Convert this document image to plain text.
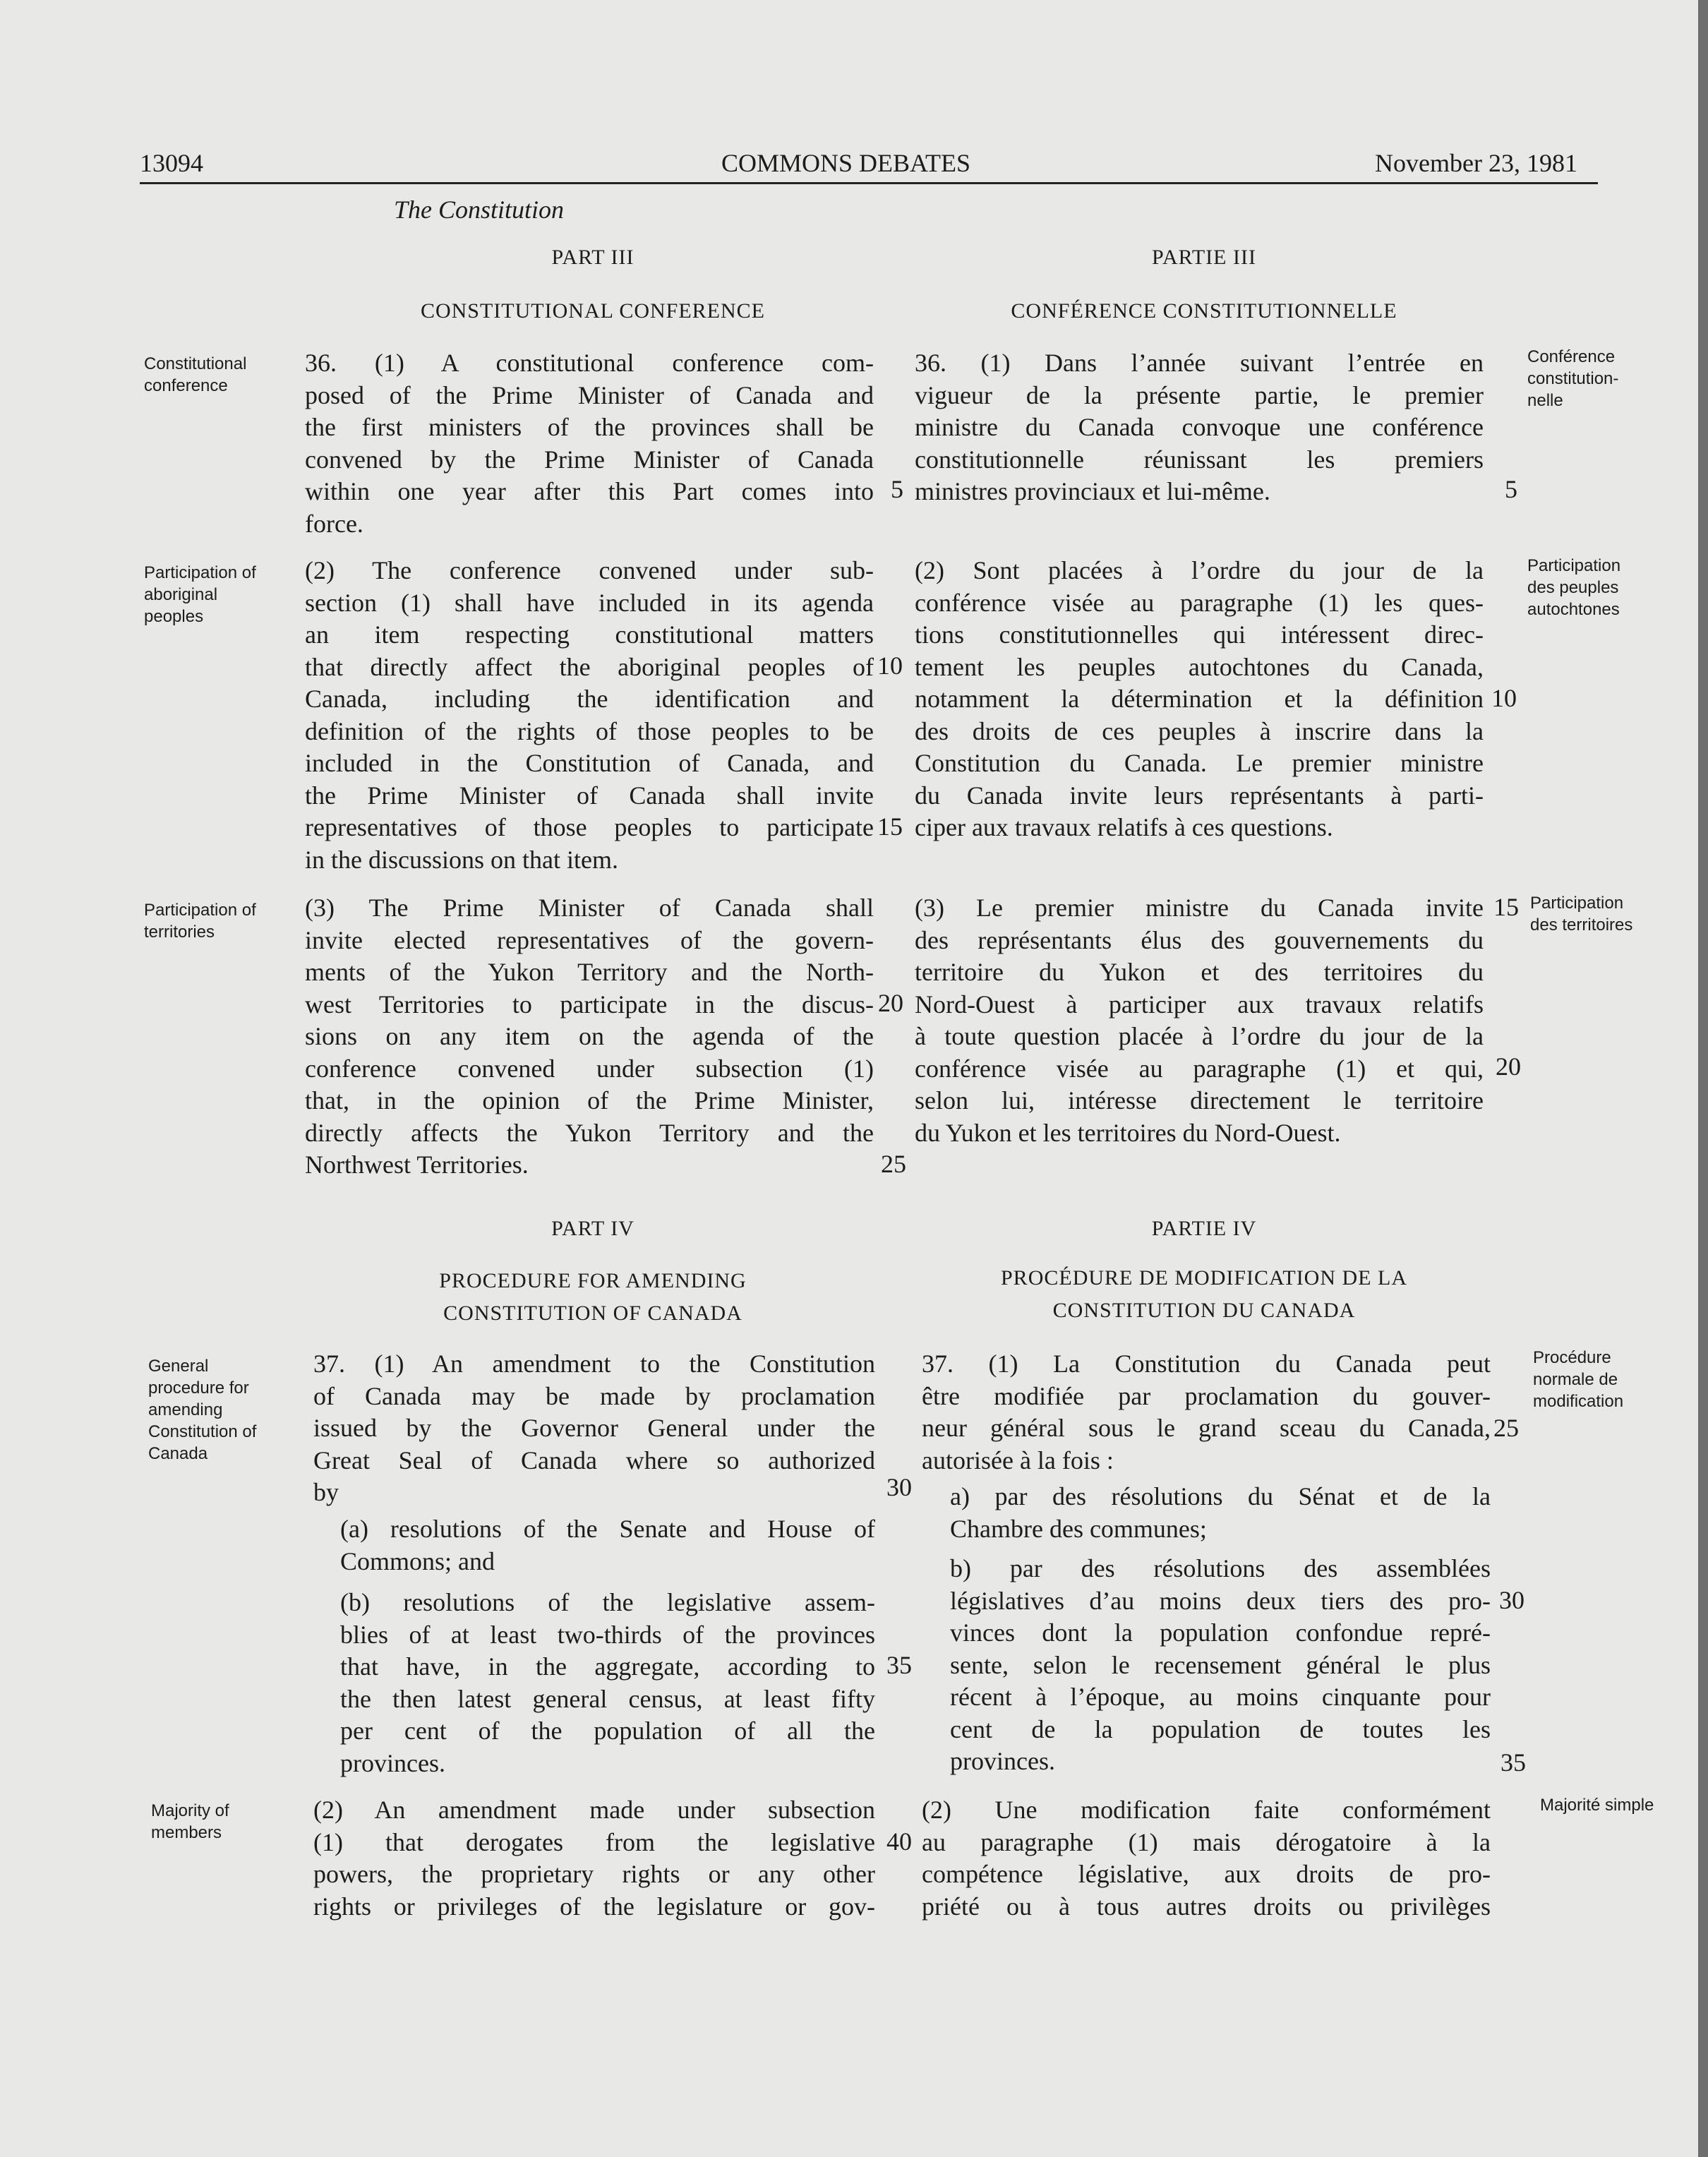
13094	COMMONS DEBATES	November 23, 1981
The Constitution
PART III
CONSTITUTIONAL CONFERENCE
PARTIE III
CONFÉRENCE CONSTITUTIONNELLE
Constitutional
conference
36. (1) A constitutional conference com-
posed of the Prime Minister of Canada and
the first ministers of the provinces shall be
convened by the Prime Minister of Canada
within one year after this Part comes into
force.
36. (1) Dans l’année suivant l’entrée en
vigueur de la présente partie, le premier
ministre du Canada convoque une conférence
constitutionnelle réunissant les premiers
ministres provinciaux et lui-même.
Conférence
constitution-
nelle
Participation of
aboriginal
peoples
(2) The conference convened under sub-
section (1) shall have included in its agenda
an item respecting constitutional matters
that directly affect the aboriginal peoples of
Canada, including the identification and
definition of the rights of those peoples to be
included in the Constitution of Canada, and
the Prime Minister of Canada shall invite
representatives of those peoples to participate
in the discussions on that item.
(2) Sont placées à l’ordre du jour de la
conférence visée au paragraphe (1) les ques-
tions constitutionnelles qui intéressent direc-
tement les peuples autochtones du Canada,
notamment la détermination et la définition
des droits de ces peuples à inscrire dans la
Constitution du Canada. Le premier ministre
du Canada invite leurs représentants à parti-
ciper aux travaux relatifs à ces questions.
Participation
des peuples
autochtones
Participation of
territories
(3) The Prime Minister of Canada shall
invite elected representatives of the govern-
ments of the Yukon Territory and the North-
west Territories to participate in the discus-
sions on any item on the agenda of the
conference convened under subsection (1)
that, in the opinion of the Prime Minister,
directly affects the Yukon Territory and the
Northwest Territories.
(3) Le premier ministre du Canada invite
des représentants élus des gouvernements du
territoire du Yukon et des territoires du
Nord-Ouest à participer aux travaux relatifs
à toute question placée à l’ordre du jour de la
conférence visée au paragraphe (1) et qui,
selon lui, intéresse directement le territoire
du Yukon et les territoires du Nord-Ouest.
Participation
des territoires
PART IV
PROCEDURE FOR AMENDING
CONSTITUTION OF CANADA
PARTIE IV
PROCÉDURE DE MODIFICATION DE LA
CONSTITUTION DU CANADA
General
procedure for
amending
Constitution of
Canada
37. (1) An amendment to the Constitution
of Canada may be made by proclamation
issued by the Governor General under the
Great Seal of Canada where so authorized
by
(a) resolutions of the Senate and House of
Commons; and
(b) resolutions of the legislative assem-
blies of at least two-thirds of the provinces
that have, in the aggregate, according to
the then latest general census, at least fifty
per cent of the population of all the
provinces.
37. (1) La Constitution du Canada peut
être modifiée par proclamation du gouver-
neur général sous le grand sceau du Canada,
autorisée à la fois :
a) par des résolutions du Sénat et de la
Chambre des communes;
b) par des résolutions des assemblées
législatives d’au moins deux tiers des pro-
vinces dont la population confondue repré-
sente, selon le recensement général le plus
récent à l’époque, au moins cinquante pour
cent de la population de toutes les
provinces.
Procédure
normale de
modification
Majority of
members
(2) An amendment made under subsection
(1) that derogates from the legislative
powers, the proprietary rights or any other
rights or privileges of the legislature or gov-
(2) Une modification faite conformément
au paragraphe (1) mais dérogatoire à la
compétence législative, aux droits de pro-
priété ou à tous autres droits ou privilèges
Majorité simple
5
10
15
20
25
30
35
40
5
10
15
20
25
30
35
